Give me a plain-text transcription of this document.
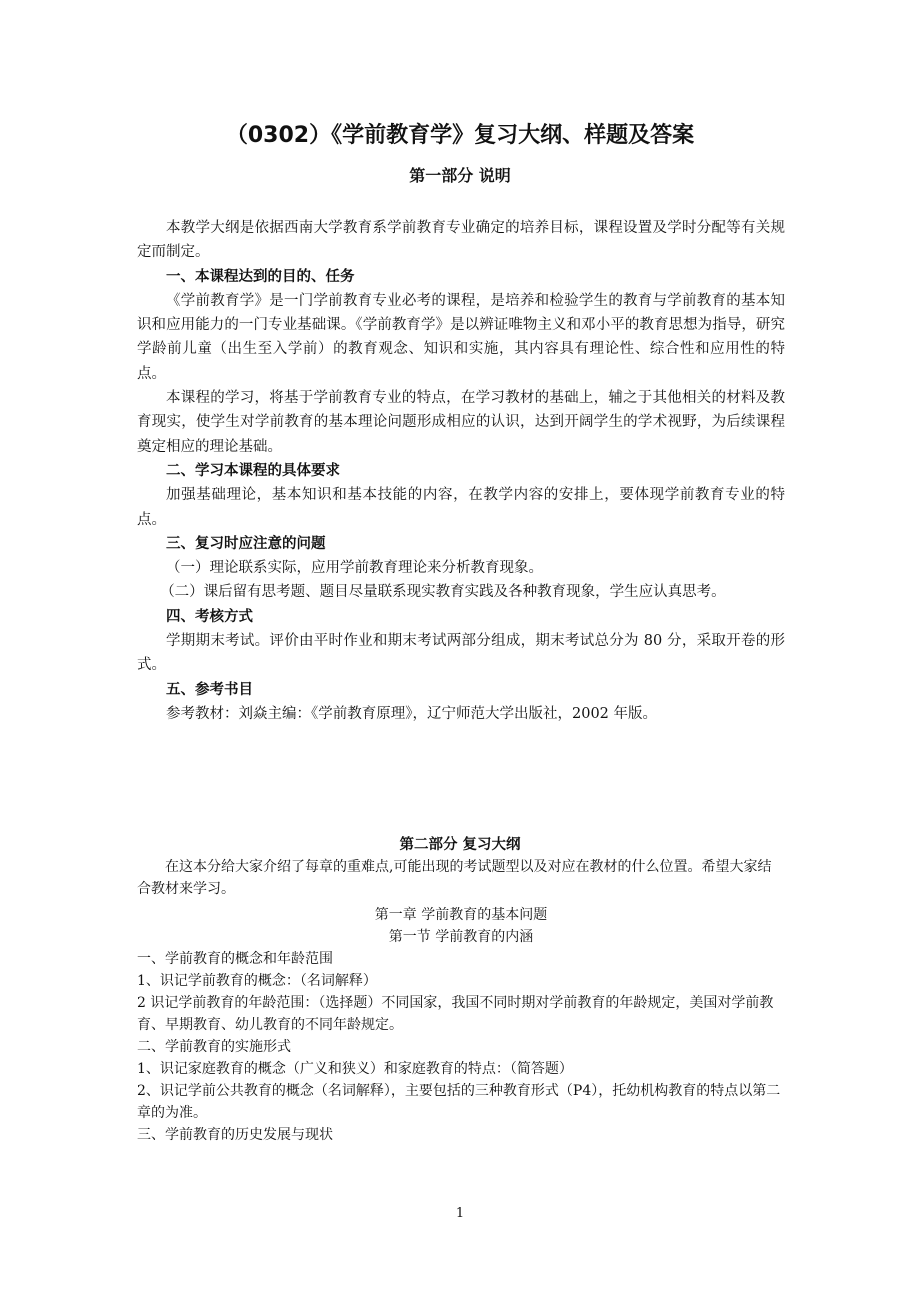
（0302）《学前教育学》复习大纲、样题及答案
第一部分 说明

本教学大纲是依据西南大学教育系学前教育专业确定的培养目标，课程设置及学时分配等有关规定而制定。

一、本课程达到的目的、任务

《学前教育学》是一门学前教育专业必考的课程，是培养和检验学生的教育与学前教育的基本知识和应用能力的一门专业基础课。《学前教育学》是以辨证唯物主义和邓小平的教育思想为指导，研究学龄前儿童（出生至入学前）的教育观念、知识和实施，其内容具有理论性、综合性和应用性的特点。

本课程的学习，将基于学前教育专业的特点，在学习教材的基础上，辅之于其他相关的材料及教育现实，使学生对学前教育的基本理论问题形成相应的认识，达到开阔学生的学术视野，为后续课程奠定相应的理论基础。

二、学习本课程的具体要求

加强基础理论，基本知识和基本技能的内容，在教学内容的安排上，要体现学前教育专业的特点。

三、复习时应注意的问题

（一）理论联系实际，应用学前教育理论来分析教育现象。

（二）课后留有思考题、题目尽量联系现实教育实践及各种教育现象，学生应认真思考。

四、考核方式

学期期末考试。评价由平时作业和期末考试两部分组成，期末考试总分为 80 分，采取开卷的形式。

五、参考书目

参考教材：刘焱主编：《学前教育原理》，辽宁师范大学出版社，2002 年版。

第二部分 复习大纲

在这本分给大家介绍了每章的重难点,可能出现的考试题型以及对应在教材的什么位置。希望大家结合教材来学习。

第一章 学前教育的基本问题

第一节 学前教育的内涵

一、学前教育的概念和年龄范围

1、识记学前教育的概念：（名词解释）

2 识记学前教育的年龄范围：（选择题）不同国家，我国不同时期对学前教育的年龄规定，美国对学前教育、早期教育、幼儿教育的不同年龄规定。

二、学前教育的实施形式

1、识记家庭教育的概念（广义和狭义）和家庭教育的特点：（简答题）

2、识记学前公共教育的概念（名词解释），主要包括的三种教育形式（P4），托幼机构教育的特点以第二章的为准。

三、学前教育的历史发展与现状

1
